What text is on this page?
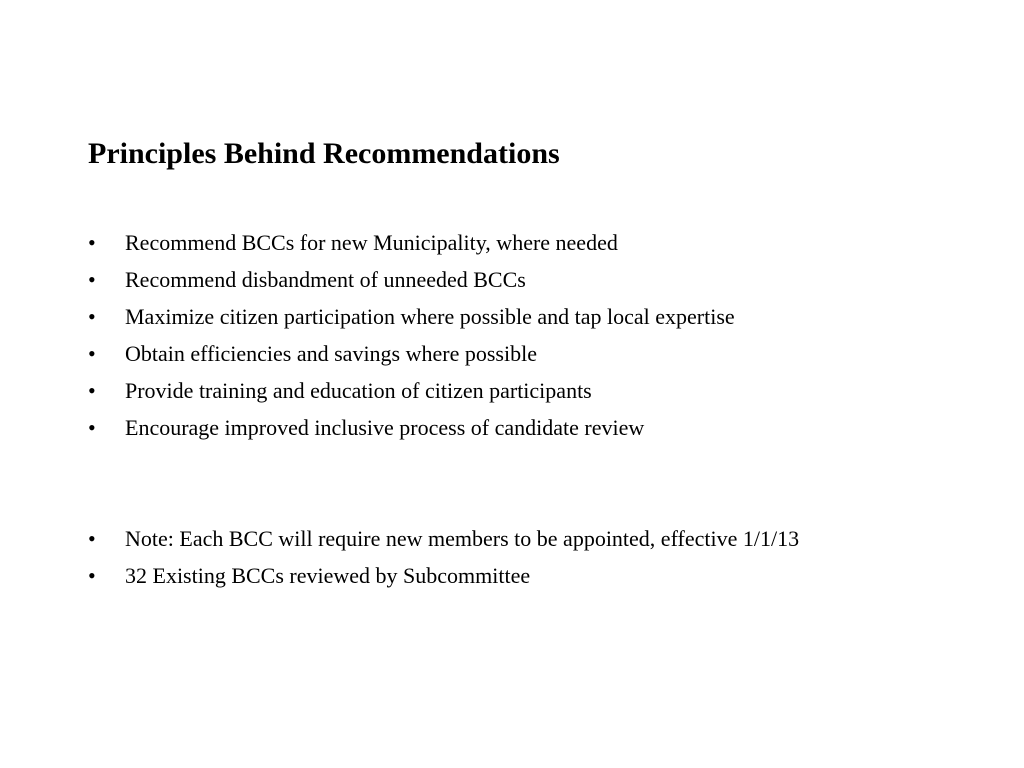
Principles Behind Recommendations
•	Recommend BCCs for new Municipality, where needed
•	Recommend disbandment of unneeded BCCs
•	Maximize citizen participation where possible and tap local expertise
•	Obtain efficiencies and savings where possible
•	Provide training and education of citizen participants
•	Encourage improved inclusive process of candidate review
•	Note: Each BCC will require new members to be appointed, effective 1/1/13
•	32 Existing BCCs reviewed by Subcommittee
